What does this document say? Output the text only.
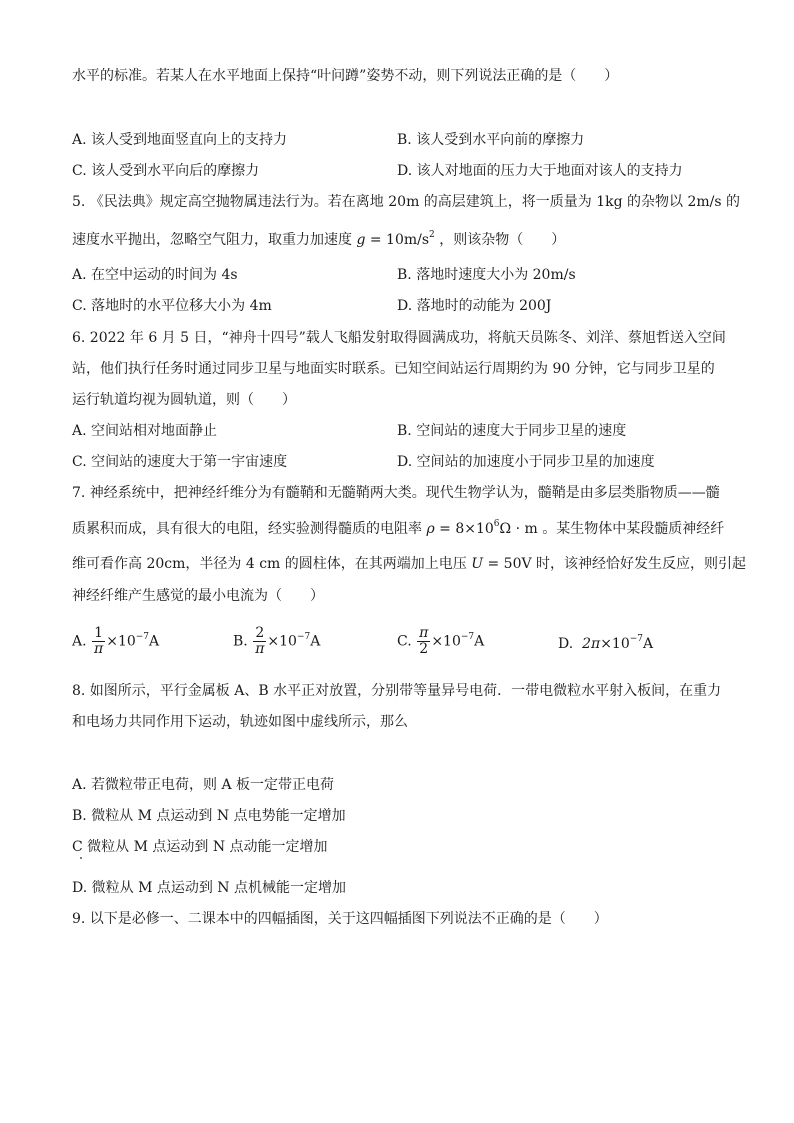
水平的标准。若某人在水平地面上保持“叶问蹲”姿势不动，则下列说法正确的是（　　）
A. 该人受到地面竖直向上的支持力	B. 该人受到水平向前的摩擦力
C. 该人受到水平向后的摩擦力	D. 该人对地面的压力大于地面对该人的支持力
5. 《民法典》规定高空抛物属违法行为。若在离地 20m 的高层建筑上，将一质量为 1kg 的杂物以 2m/s 的
速度水平抛出，忽略空气阻力，取重力加速度 $g = 10m/s^2$ ，则该杂物（　　）
A. 在空中运动的时间为 4s	B. 落地时速度大小为 20m/s
C. 落地时的水平位移大小为 4m	D. 落地时的动能为 200J
6. 2022 年 6 月 5 日，“神舟十四号”载人飞船发射取得圆满成功，将航天员陈冬、刘洋、蔡旭哲送入空间
站，他们执行任务时通过同步卫星与地面实时联系。已知空间站运行周期约为 90 分钟，它与同步卫星的
运行轨道均视为圆轨道，则（　　）
A. 空间站相对地面静止	B. 空间站的速度大于同步卫星的速度
C. 空间站的速度大于第一宇宙速度	D. 空间站的加速度小于同步卫星的加速度
7. 神经系统中，把神经纤维分为有髓鞘和无髓鞘两大类。现代生物学认为，髓鞘是由多层类脂物质——髓
质累积而成，具有很大的电阻，经实验测得髓质的电阻率 $\rho = 8\times 10^6\Omega \cdot m$ 。某生物体中某段髓质神经纤
维可看作高 20cm，半径为 4 cm 的圆柱体，在其两端加上电压 U = 50V 时，该神经恰好发生反应，则引起
神经纤维产生感觉的最小电流为（　　）
A. $\frac{1}{\pi} \times 10^{-7}A$	B. $\frac{2}{\pi} \times 10^{-7}A$	C. $\frac{\pi}{2} \times 10^{-7}A$	D. $2\pi\times 10^{-7}A$
8. 如图所示，平行金属板 A、B 水平正对放置，分别带等量异号电荷．一带电微粒水平射入板间，在重力
和电场力共同作用下运动，轨迹如图中虚线所示，那么
A. 若微粒带正电荷，则 A 板一定带正电荷
B. 微粒从 M 点运动到 N 点电势能一定增加
C 微粒从 M 点运动到 N 点动能一定增加
D. 微粒从 M 点运动到 N 点机械能一定增加
9. 以下是必修一、二课本中的四幅插图，关于这四幅插图下列说法不正确的是（　　）
